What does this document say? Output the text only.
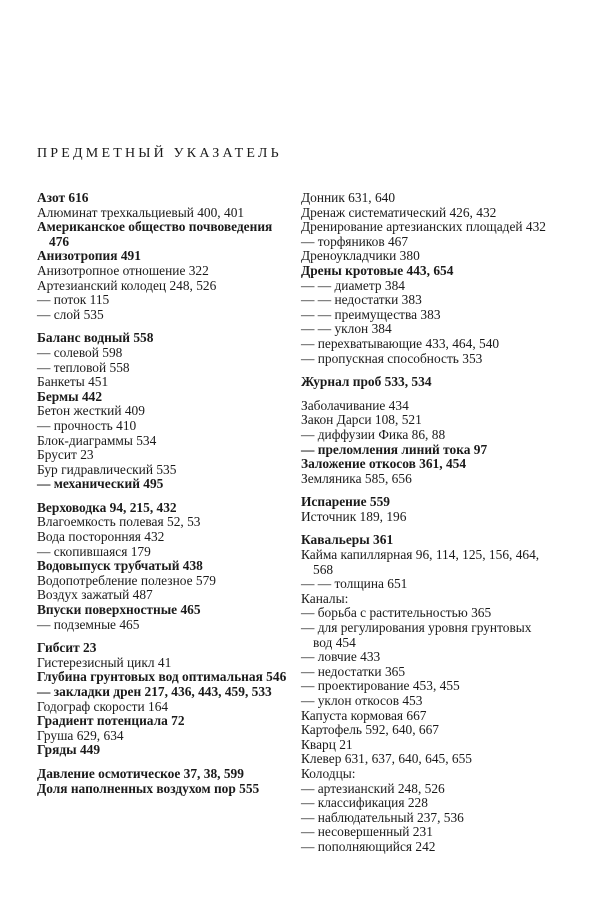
ПРЕДМЕТНЫЙ УКАЗАТЕЛЬ
Азот 616
Алюминат трехкальциевый 400, 401
Американское общество почвоведения 476
Анизотропия 491
Анизотропное отношение 322
Артезианский колодец 248, 526
— поток 115
— слой 535
Баланс водный 558
— солевой 598
— тепловой 558
Банкеты 451
Бермы 442
Бетон жесткий 409
— прочность 410
Блок-диаграммы 534
Брусит 23
Бур гидравлический 535
— механический 495
Верховодка 94, 215, 432
Влагоемкость полевая 52, 53
Вода посторонняя 432
— скопившаяся 179
Водовыпуск трубчатый 438
Водопотребление полезное 579
Воздух зажатый 487
Впуски поверхностные 465
— подземные 465
Гибсит 23
Гистерезисный цикл 41
Глубина грунтовых вод оптимальная 546
— закладки дрен 217, 436, 443, 459, 533
Годограф скорости 164
Градиент потенциала 72
Груша 629, 634
Гряды 449
Давление осмотическое 37, 38, 599
Доля наполненных воздухом пор 555
Донник 631, 640
Дренаж систематический 426, 432
Дренирование артезианских площадей 432
— торфяников 467
Дреноукладчики 380
Дрены кротовые 443, 654
— — диаметр 384
— — недостатки 383
— — преимущества 383
— — уклон 384
— перехватывающие 433, 464, 540
— пропускная способность 353
Журнал проб 533, 534
Заболачивание 434
Закон Дарси 108, 521
— диффузии Фика 86, 88
— преломления линий тока 97
Заложение откосов 361, 454
Земляника 585, 656
Испарение 559
Источник 189, 196
Кавальеры 361
Кайма капиллярная 96, 114, 125, 156, 464, 568
— — толщина 651
Каналы:
— борьба с растительностью 365
— для регулирования уровня грунтовых вод 454
— ловчие 433
— недостатки 365
— проектирование 453, 455
— уклон откосов 453
Капуста кормовая 667
Картофель 592, 640, 667
Кварц 21
Клевер 631, 637, 640, 645, 655
Колодцы:
— артезианский 248, 526
— классификация 228
— наблюдательный 237, 536
— несовершенный 231
— пополняющийся 242
